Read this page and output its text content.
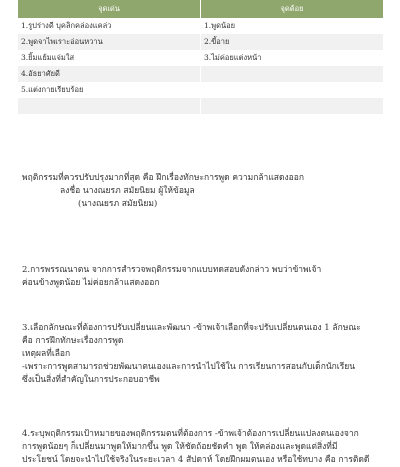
จุดเด่น	จุดด้อย
1.รูปร่างดี บุคลิกคล่องแคล่ว	1.พูดน้อย
2.พูดจาไพเราะอ่อนหวาน	2.ขี้อาย
3.ยิ้มแย้มแจ่มใส	3.ไม่ค่อยแต่งหน้า
4.อัธยาศัยดี	
5.แต่งกายเรียบร้อย	

พฤติกรรมที่ควรปรับปรุงมากที่สุด คือ ฝึกเรื่องทักษะการพูด ความกล้าแสดงออก

ลงชื่อ นางณยรภ สมัยนิยม ผู้ให้ข้อมูล

(นางณยรภ สมัยนิยม)

2.การพรรณนาตน จากการสำรวจพฤติกรรมจากแบบทดสอบดังกล่าว พบว่าข้าพเจ้า

ค่อนข้างพูดน้อย ไม่ค่อยกล้าแสดงออก

3.เลือกลักษณะที่ต้องการปรับเปลี่ยนและพัฒนา -ข้าพเจ้าเลือกที่จะปรับเปลี่ยนตนเอง 1 ลักษณะ

คือ การฝึกทักษะเรื่องการพูด

เหตุผลที่เลือก

-เพราะการพูดสามารถช่วยพัฒนาตนเองและการนำไปใช้ใน การเรียนการสอนกับเด็กนักเรียน

ซึ่งเป็นสิ่งที่สำคัญในการประกอบอาชีพ

4.ระบุพฤติกรรมเป้าหมายของพฤติกรรมตนที่ต้องการ -ข้าพเจ้าต้องการเปลี่ยนแปลงตนเองจาก

การพูดน้อยๆ ก็เปลี่ยนมาพูดให้มากขึ้น พูด ให้ชัดถ้อยชัดคำ พูด ให้คล่องและพูดแต่สิ่งที่มี

ประโยชน์ โดยจะนำไปใช้จริงในระยะเวลา 4 สัปดาห์ โดยฝึกผมตนเอง หรือใช้ทบาง คือ การติดดี
